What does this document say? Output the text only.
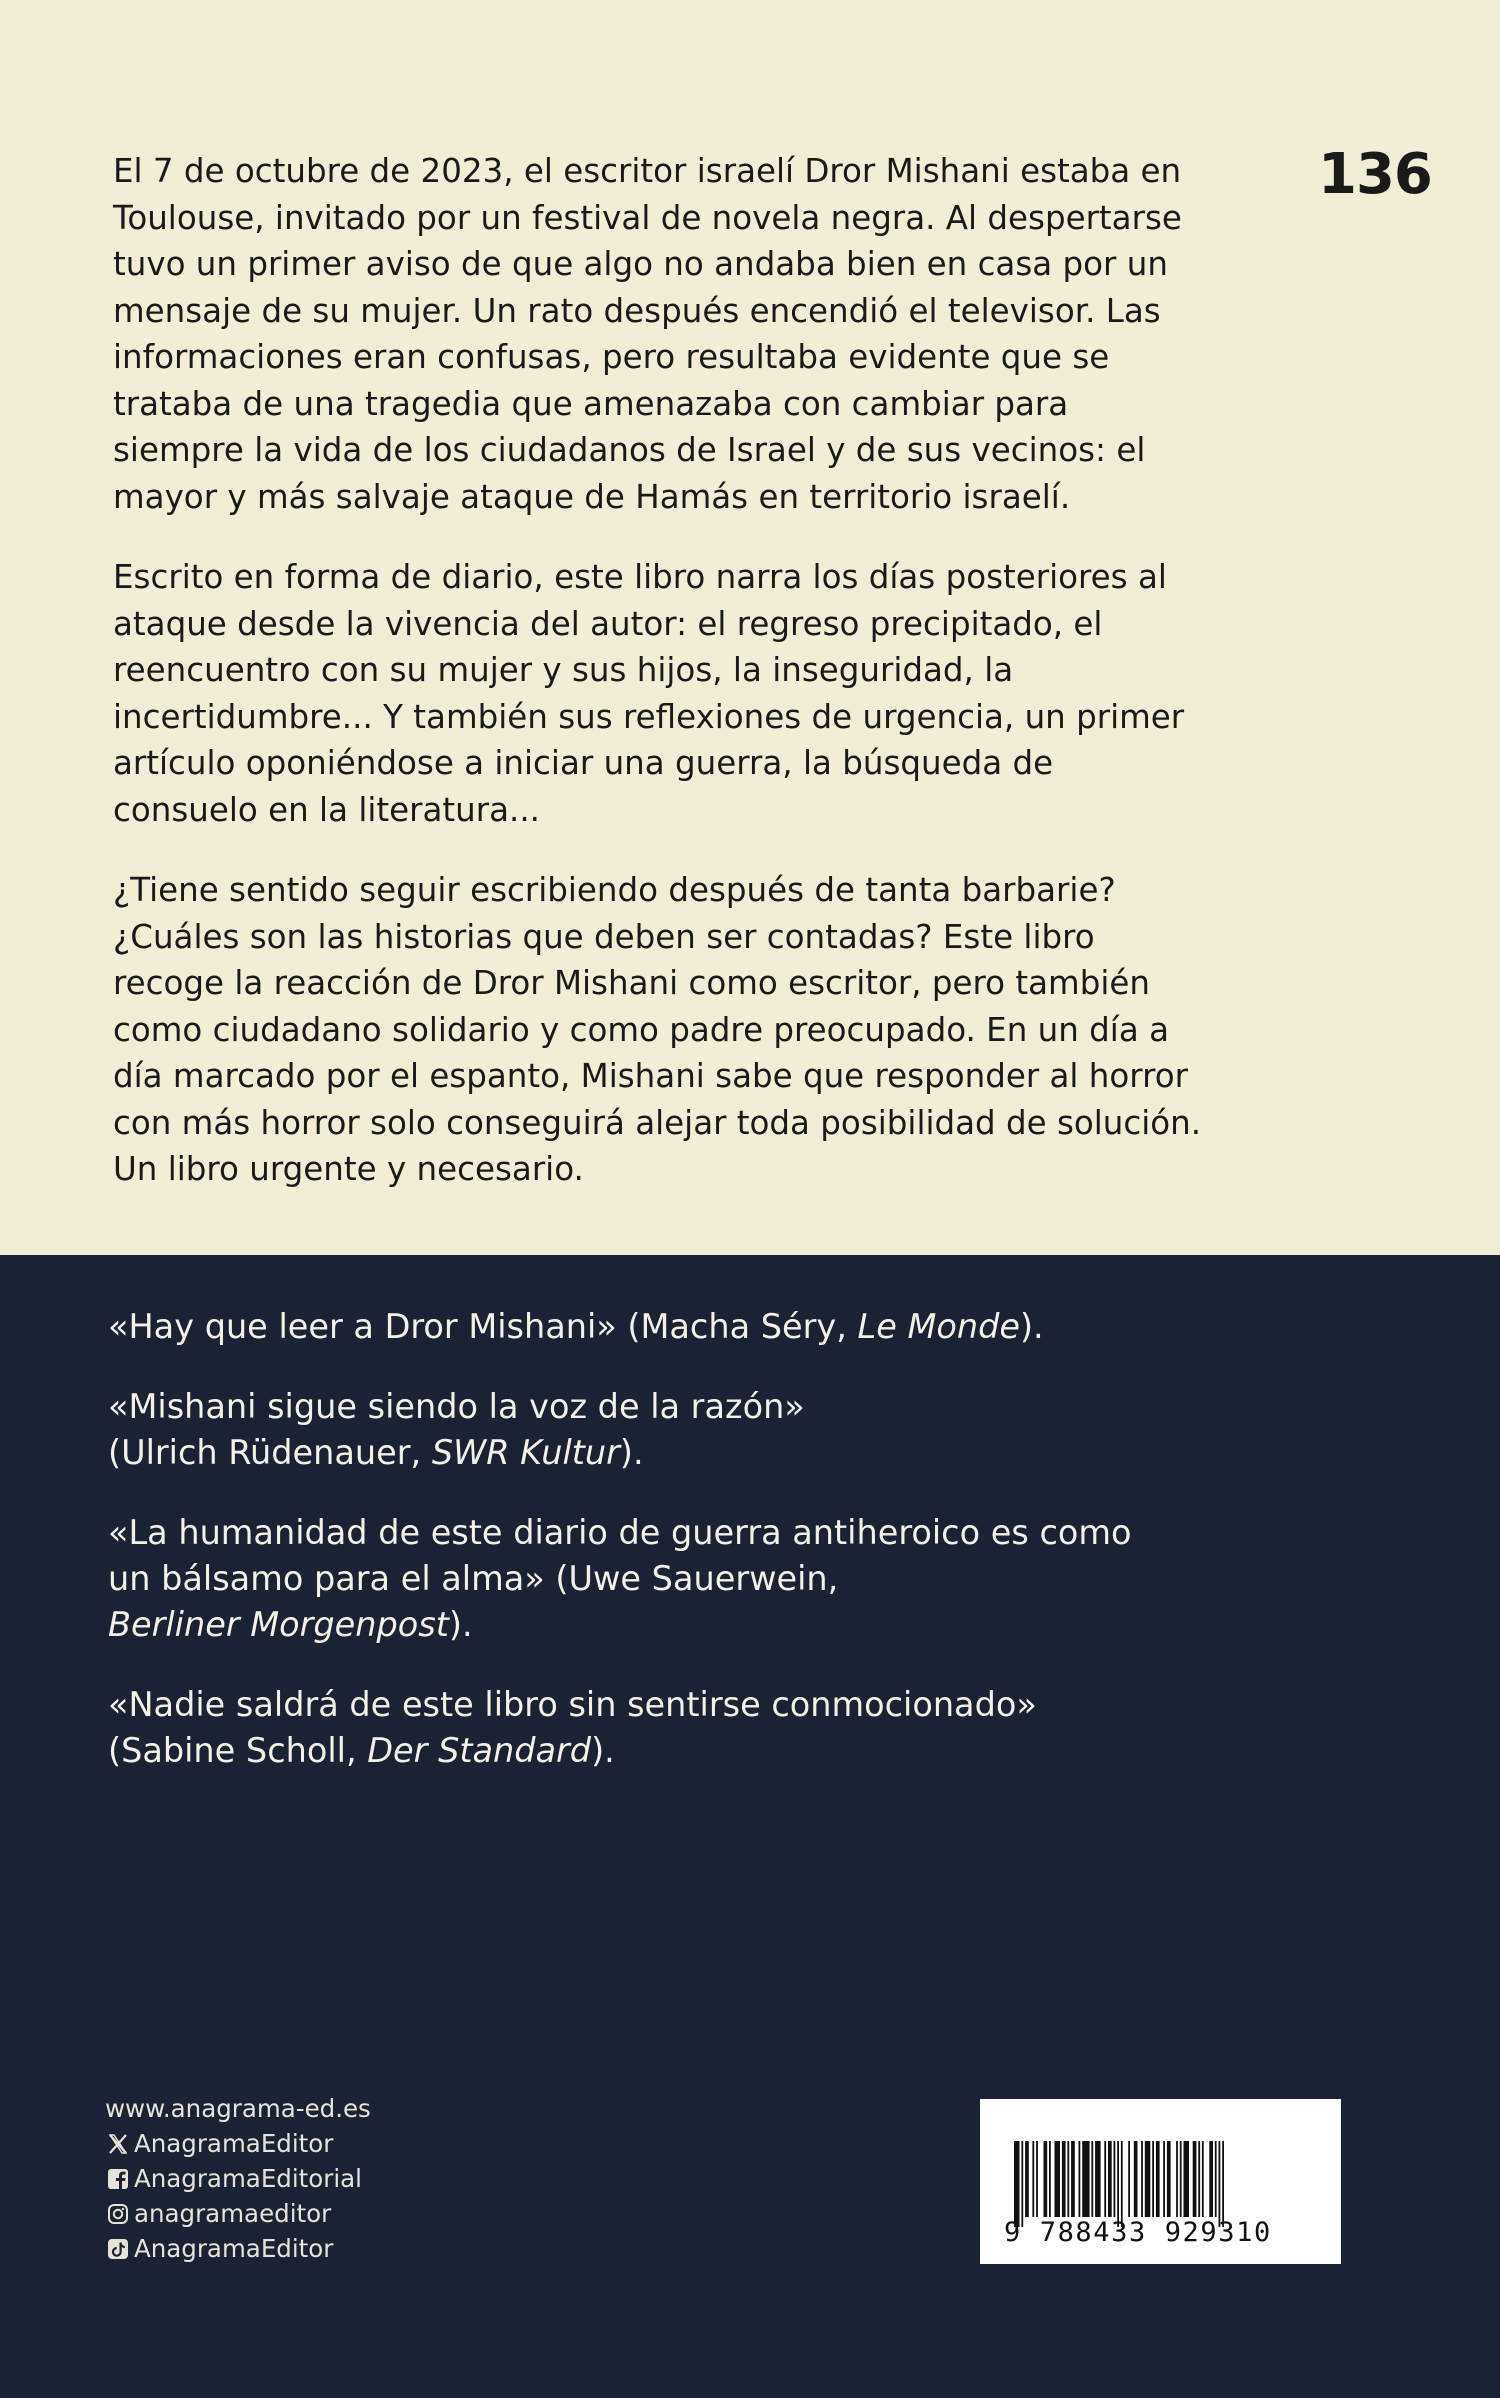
136

El 7 de octubre de 2023, el escritor israelí Dror Mishani estaba en Toulouse, invitado por un festival de novela negra. Al despertarse tuvo un primer aviso de que algo no andaba bien en casa por un mensaje de su mujer. Un rato después encendió el televisor. Las informaciones eran confusas, pero resultaba evidente que se trataba de una tragedia que amenazaba con cambiar para siempre la vida de los ciudadanos de Israel y de sus vecinos: el mayor y más salvaje ataque de Hamás en territorio israelí.

Escrito en forma de diario, este libro narra los días posteriores al ataque desde la vivencia del autor: el regreso precipitado, el reencuentro con su mujer y sus hijos, la inseguridad, la incertidumbre... Y también sus reflexiones de urgencia, un primer artículo oponiéndose a iniciar una guerra, la búsqueda de consuelo en la literatura...

¿Tiene sentido seguir escribiendo después de tanta barbarie? ¿Cuáles son las historias que deben ser contadas? Este libro recoge la reacción de Dror Mishani como escritor, pero también como ciudadano solidario y como padre preocupado. En un día a día marcado por el espanto, Mishani sabe que responder al horror con más horror solo conseguirá alejar toda posibilidad de solución. Un libro urgente y necesario.

«Hay que leer a Dror Mishani» (Macha Séry, Le Monde).

«Mishani sigue siendo la voz de la razón»
(Ulrich Rüdenauer, SWR Kultur).

«La humanidad de este diario de guerra antiheroico es como un bálsamo para el alma» (Uwe Sauerwein,
Berliner Morgenpost).

«Nadie saldrá de este libro sin sentirse conmocionado»
(Sabine Scholl, Der Standard).

www.anagrama-ed.es
AnagramaEditor
AnagramaEditorial
anagramaeditor
AnagramaEditor
9 788433 929310
